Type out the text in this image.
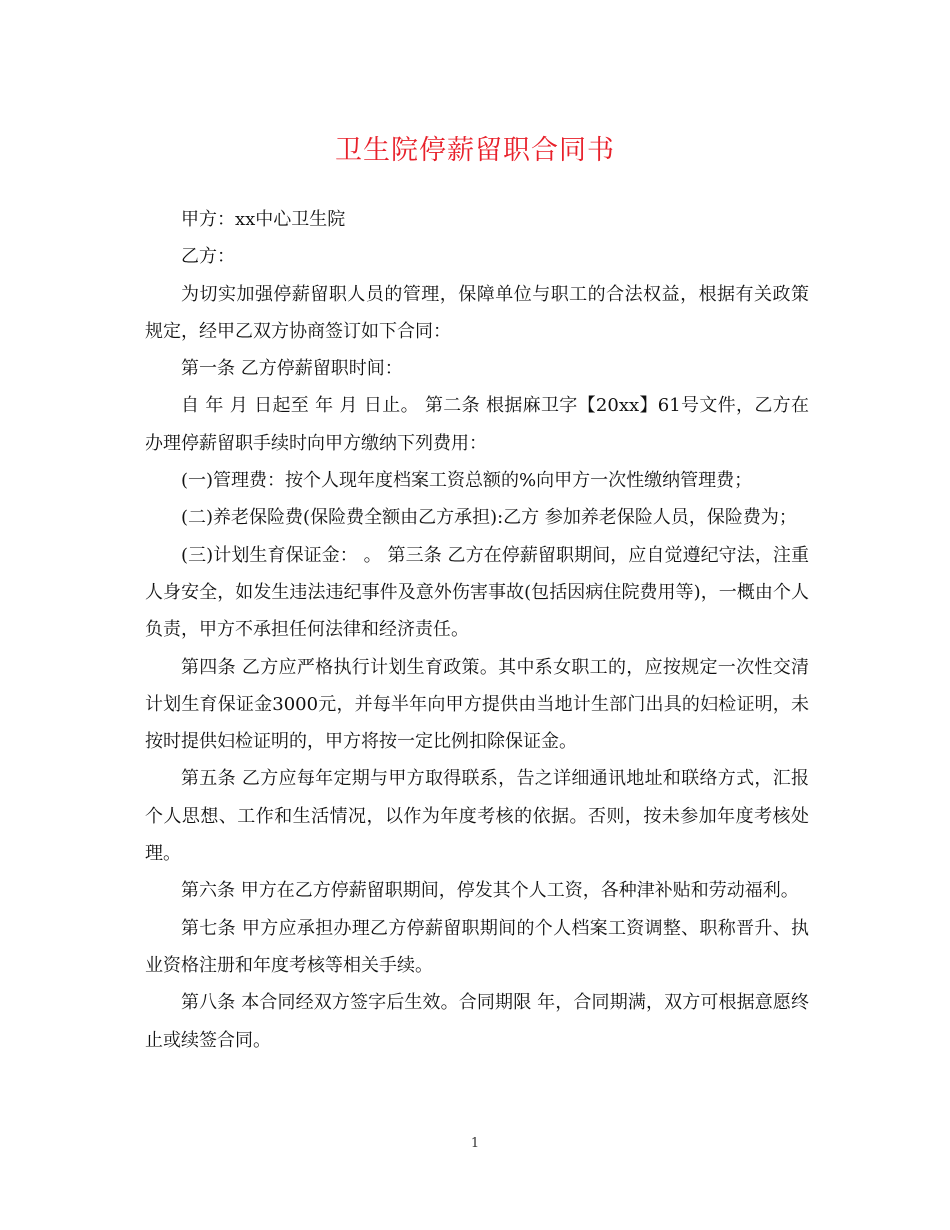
卫生院停薪留职合同书

甲方：xx中心卫生院

乙方：

为切实加强停薪留职人员的管理，保障单位与职工的合法权益，根据有关政策规定，经甲乙双方协商签订如下合同：

第一条 乙方停薪留职时间：

自 年 月 日起至 年 月 日止。 第二条 根据麻卫字【20xx】61号文件，乙方在办理停薪留职手续时向甲方缴纳下列费用：

(一)管理费：按个人现年度档案工资总额的%向甲方一次性缴纳管理费；

(二)养老保险费(保险费全额由乙方承担):乙方 参加养老保险人员，保险费为；

(三)计划生育保证金： 。 第三条 乙方在停薪留职期间，应自觉遵纪守法，注重人身安全，如发生违法违纪事件及意外伤害事故(包括因病住院费用等)，一概由个人负责，甲方不承担任何法律和经济责任。

第四条 乙方应严格执行计划生育政策。其中系女职工的，应按规定一次性交清计划生育保证金3000元，并每半年向甲方提供由当地计生部门出具的妇检证明，未按时提供妇检证明的，甲方将按一定比例扣除保证金。

第五条 乙方应每年定期与甲方取得联系，告之详细通讯地址和联络方式，汇报个人思想、工作和生活情况，以作为年度考核的依据。否则，按未参加年度考核处理。

第六条 甲方在乙方停薪留职期间，停发其个人工资，各种津补贴和劳动福利。

第七条 甲方应承担办理乙方停薪留职期间的个人档案工资调整、职称晋升、执业资格注册和年度考核等相关手续。

第八条 本合同经双方签字后生效。合同期限 年，合同期满，双方可根据意愿终止或续签合同。

1
